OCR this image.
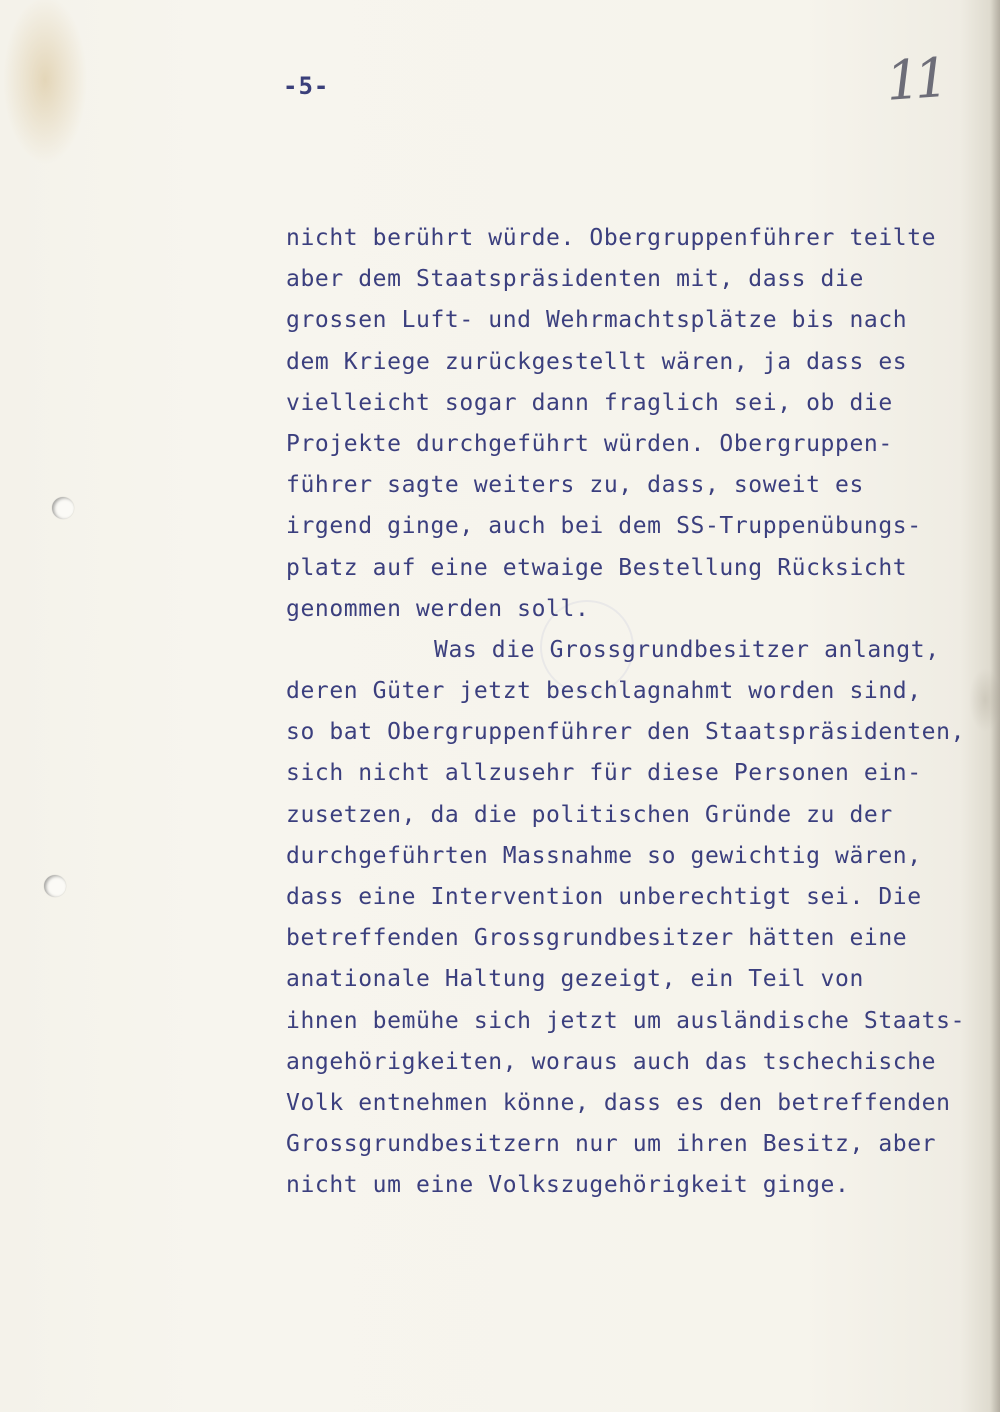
-5-	11
nicht berührt würde. Obergruppenführer teilte
aber dem Staatspräsidenten mit, dass die
grossen Luft- und Wehrmachtsplätze bis nach
dem Kriege zurückgestellt wären, ja dass es
vielleicht sogar dann fraglich sei, ob die
Projekte durchgeführt würden. Obergruppen-
führer sagte weiters zu, dass, soweit es
irgend ginge, auch bei dem SS-Truppenübungs-
platz auf eine etwaige Bestellung Rücksicht
genommen werden soll.
Was die Grossgrundbesitzer anlangt,
deren Güter jetzt beschlagnahmt worden sind,
so bat Obergruppenführer den Staatspräsidenten,
sich nicht allzusehr für diese Personen ein-
zusetzen, da die politischen Gründe zu der
durchgeführten Massnahme so gewichtig wären,
dass eine Intervention unberechtigt sei. Die
betreffenden Grossgrundbesitzer hätten eine
anationale Haltung gezeigt, ein Teil von
ihnen bemühe sich jetzt um ausländische Staats-
angehörigkeiten, woraus auch das tschechische
Volk entnehmen könne, dass es den betreffenden
Grossgrundbesitzern nur um ihren Besitz, aber
nicht um eine Volkszugehörigkeit ginge.
